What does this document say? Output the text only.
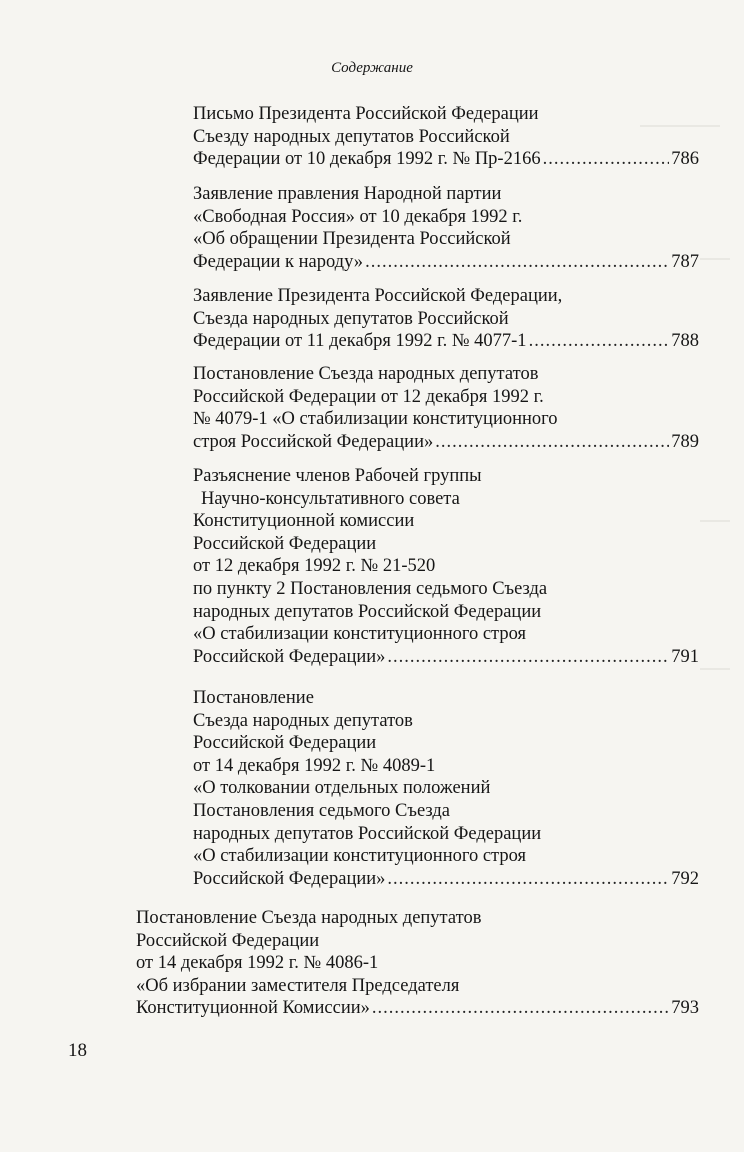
Содержание
Письмо Президента Российской Федерации
Съезду народных депутатов Российской
Федерации от 10 декабря 1992 г. № Пр-2166 .....	786
Заявление правления Народной партии
«Свободная Россия» от 10 декабря 1992 г.
«Об обращении Президента Российской
Федерации к народу» .....	787
Заявление Президента Российской Федерации,
Съезда народных депутатов Российской
Федерации от 11 декабря 1992 г. № 4077-1 .....	788
Постановление Съезда народных депутатов
Российской Федерации от 12 декабря 1992 г.
№ 4079-1 «О стабилизации конституционного
строя Российской Федерации» .....	789
Разъяснение членов Рабочей группы
Научно-консультативного совета
Конституционной комиссии
Российской Федерации
от 12 декабря 1992 г. № 21-520
по пункту 2 Постановления седьмого Съезда
народных депутатов Российской Федерации
«О стабилизации конституционного строя
Российской Федерации» .....	791
Постановление
Съезда народных депутатов
Российской Федерации
от 14 декабря 1992 г. № 4089-1
«О толковании отдельных положений
Постановления седьмого Съезда
народных депутатов Российской Федерации
«О стабилизации конституционного строя
Российской Федерации» .....	792
Постановление Съезда народных депутатов
Российской Федерации
от 14 декабря 1992 г. № 4086-1
«Об избрании заместителя Председателя
Конституционной Комиссии» .....	793
18
